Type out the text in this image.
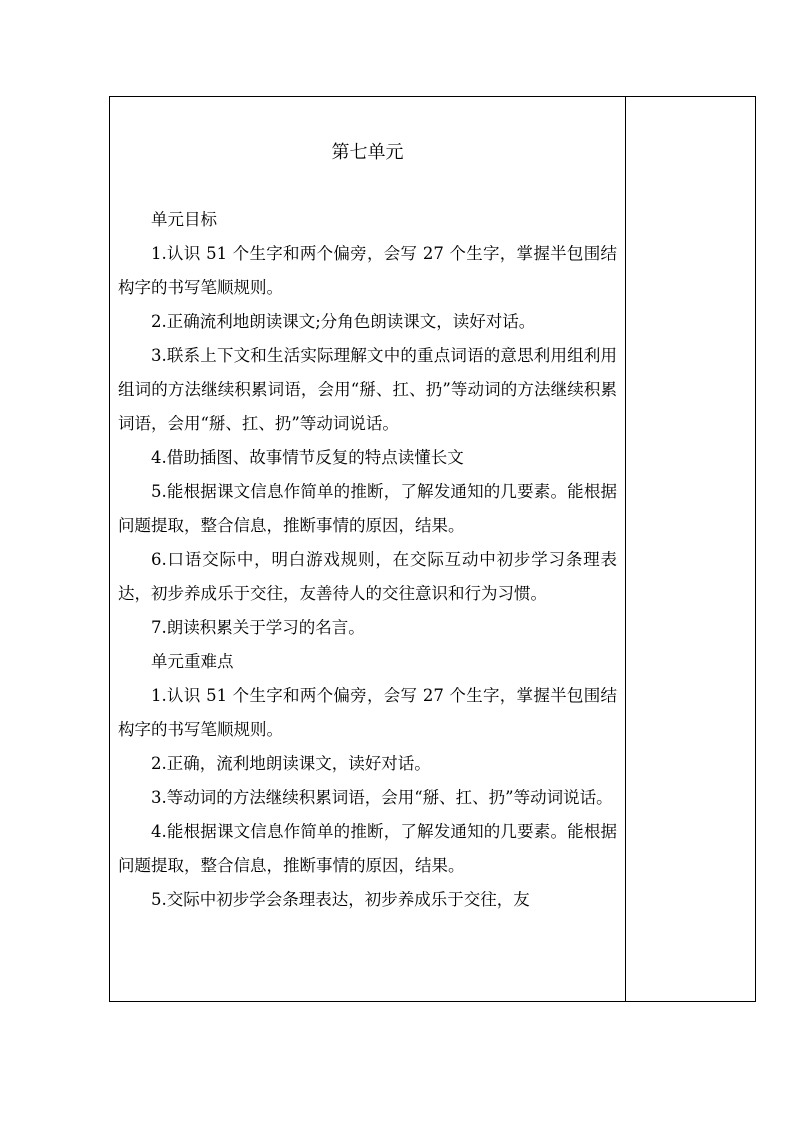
第七单元

单元目标

1.认识 51 个生字和两个偏旁，会写 27 个生字，掌握半包围结构字的书写笔顺规则。

2.正确流利地朗读课文;分角色朗读课文，读好对话。

3.联系上下文和生活实际理解文中的重点词语的意思利用组利用组词的方法继续积累词语，会用“掰、扛、扔”等动词的方法继续积累词语，会用“掰、扛、扔”等动词说话。

4.借助插图、故事情节反复的特点读懂长文

5.能根据课文信息作简单的推断，了解发通知的几要素。能根据问题提取，整合信息，推断事情的原因，结果。

6.口语交际中，明白游戏规则，在交际互动中初步学习条理表达，初步养成乐于交往，友善待人的交往意识和行为习惯。

7.朗读积累关于学习的名言。

单元重难点

1.认识 51 个生字和两个偏旁，会写 27 个生字，掌握半包围结构字的书写笔顺规则。

2.正确，流利地朗读课文，读好对话。

3.等动词的方法继续积累词语，会用“掰、扛、扔”等动词说话。

4.能根据课文信息作简单的推断，了解发通知的几要素。能根据问题提取，整合信息，推断事情的原因，结果。

5.交际中初步学会条理表达，初步养成乐于交往，友
